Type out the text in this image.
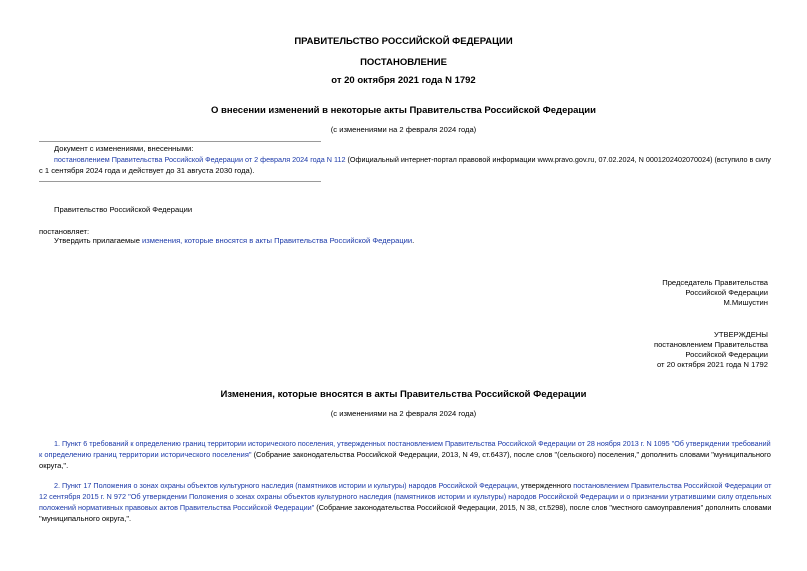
ПРАВИТЕЛЬСТВО РОССИЙСКОЙ ФЕДЕРАЦИИ
ПОСТАНОВЛЕНИЕ
от 20 октября 2021 года N 1792
О внесении изменений в некоторые акты Правительства Российской Федерации
(с изменениями на 2 февраля 2024 года)
Документ с изменениями, внесенными:
постановлением Правительства Российской Федерации от 2 февраля 2024 года N 112 (Официальный интернет-портал правовой информации www.pravo.gov.ru, 07.02.2024, N 0001202402070024) (вступило в силу
с 1 сентября 2024 года и действует до 31 августа 2030 года).
Правительство Российской Федерации
постановляет:
Утвердить прилагаемые изменения, которые вносятся в акты Правительства Российской Федерации.
Председатель Правительства
Российской Федерации
М.Мишустин
УТВЕРЖДЕНЫ
постановлением Правительства
Российской Федерации
от 20 октября 2021 года N 1792
Изменения, которые вносятся в акты Правительства Российской Федерации
(с изменениями на 2 февраля 2024 года)
1. Пункт 6 требований к определению границ территории исторического поселения, утвержденных постановлением Правительства Российской Федерации от 28 ноября 2013 г. N 1095 "Об утверждении требований
к определению границ территории исторического поселения" (Собрание законодательства Российской Федерации, 2013, N 49, ст.6437), после слов "(сельского) поселения," дополнить словами "муниципального
округа,".
2. Пункт 17 Положения о зонах охраны объектов культурного наследия (памятников истории и культуры) народов Российской Федерации, утвержденного постановлением Правительства Российской Федерации от
12 сентября 2015 г. N 972 "Об утверждении Положения о зонах охраны объектов культурного наследия (памятников истории и культуры) народов Российской Федерации и о признании утратившими силу отдельных
положений нормативных правовых актов Правительства Российской Федерации" (Собрание законодательства Российской Федерации, 2015, N 38, ст.5298), после слов "местного самоуправления" дополнить словами
"муниципального округа,".
